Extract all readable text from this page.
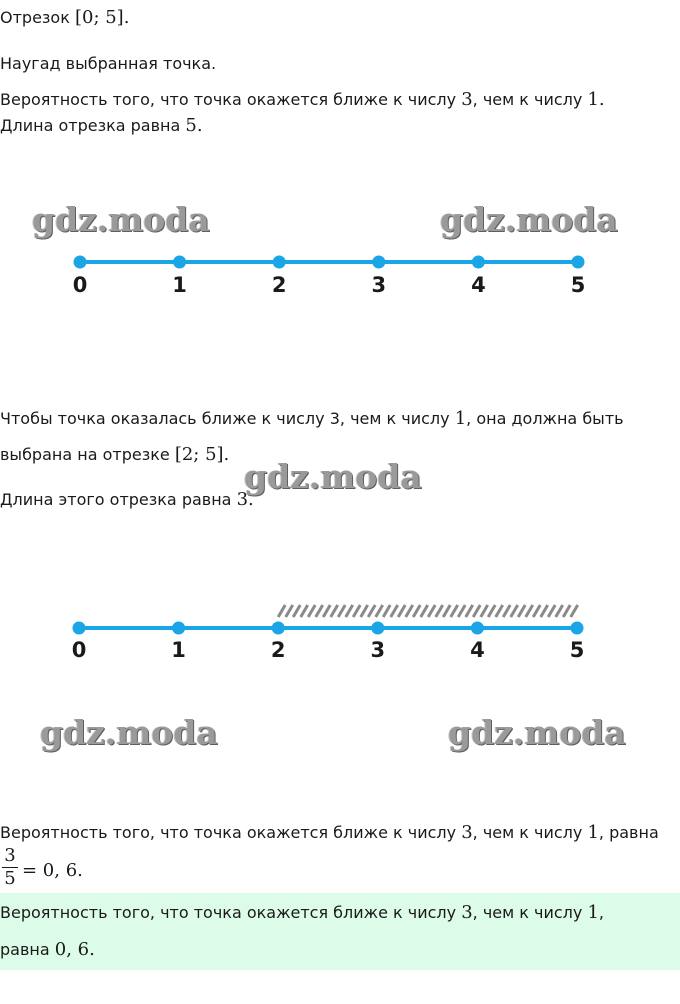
Отрезок [0; 5].
Наугад выбранная точка.
Вероятность того, что точка окажется ближе к числу 3, чем к числу 1.
Длина отрезка равна 5.
gdz.moda	gdz.moda
0	1	2	3	4	5
Чтобы точка оказалась ближе к числу 3, чем к числу 1, она должна быть
выбрана на отрезке [2; 5].
Длина этого отрезка равна 3.
gdz.moda
0	1	2	3	4	5
gdz.moda	gdz.moda
Вероятность того, что точка окажется ближе к числу 3, чем к числу 1, равна
3
5 = 0, 6.
Вероятность того, что точка окажется ближе к числу 3, чем к числу 1,
равна 0, 6.
